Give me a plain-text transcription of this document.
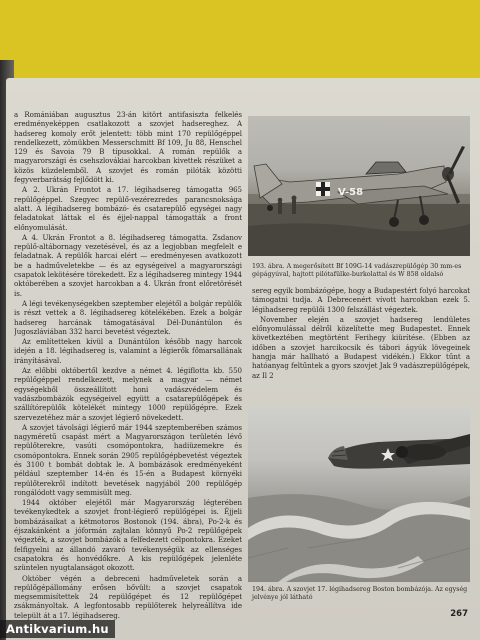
a Romániában augusztus 23-án kitört antifasiszta felkelés eredményeképpen csatlakozott a szovjet hadsereghez. A hadsereg komoly erőt jelentett: több mint 170 repülőgéppel rendelkezett, zömükben Messerschmitt Bf 109, Ju 88, Henschel 129 és Savoia 79 B típusokkal. A román repülők a magyarországi és csehszlovákiai harcokban kivettek részüket a közös küzdelemből. A szovjet és román pilóták közötti fegyverbarátság fejlődött ki.

A 2. Ukrán Frontot a 17. légihadsereg támogatta 965 repülőgéppel. Szegyec repülő-vezérezredes parancsnoksága alatt. A légihadsereg bombázó- és csatarepülő egységei nagy feladatokat láttak el és éjjel-nappal támogatták a front előnyomulását.

A 4. Ukrán Frontot a 8. légihadsereg támogatta. Zsdanov repülő-altábornagy vezetésével, és az a legjobban megfelelt e feladatnak. A repülők harcai elért — eredményesen avatkozott be a hadműveletekbe — és az egységeivel a magyarországi csapatok lekötésére törekedett. Ez a légihadsereg mintegy 1944 októberében a szovjet harcokban a 4. Ukrán front előretörését is.

A légi tevékenységekben szeptember elejétől a bolgár repülők is részt vettek a 8. légihadsereg kötelékében. Ezek a bolgár hadsereg harcának támogatásával Dél-Dunántúlon és Jugoszláviában 332 harci bevetést végeztek.

Az említetteken kívül a Dunántúlon később nagy harcok idején a 18. légihadsereg is, valamint a légierők főmarsallának irányításával.

Az előbbi októbertől kezdve a német 4. légiflotta kb. 550 repülőgéppel rendelkezett, melynek a magyar — német egységekből összeállított honi vadászvédelem és vadászbombázók egységeivel együtt a csatarepülőgépek és szállítórepülők kötelékét mintegy 1000 repülőgépre. Ezek szervezetéhez már a szovjet légierő növekedett.

A szovjet távolsági légierő már 1944 szeptemberében számos nagyméretű csapást mért a Magyarországon területén lévő repülőterekre, vasúti csomópontokra, hadiüzemekre és csomópontokra. Ennek során 2905 repülőgépbevetést végeztek és 3100 t bombát dobtak le. A bombázások eredményeként például szeptember 14-én és 15-én a Budapest környéki repülőterekről indított bevetések nagyjából 200 repülőgép rongálódott vagy semmisült meg.

1944 október elejétől már Magyarország légterében tevékenykedtek a szovjet front-légierő repülőgépei is. Éjjeli bombázásaikat a kétmotoros Bostonok (194. ábra), Po-2-k és éjszakánként a jóformán zajtalan könnyű Po-2 repülőgépek végezték, a szovjet bombázók a felfedezett célpontokra. Ezeket felfigyelni az állandó zavaró tevékenységük az ellenséges csapatokra és honvédőkre. A kis repülőgépek jelenléte szüntelen nyugtalanságot okozott.

Október végén a debreceni hadműveletek során a repülőgépállomány erősen bővült: a szovjet csapatok megsemmisítettek 24 repülőgépet és 12 repülőgépet zsákmányoltak. A legfontosabb repülőterek helyreállítva ide települt át a 17. légihadsereg.

V-58
193. ábra. A megerősített Bf 109G-14 vadászrepülőgép 30 mm-es gépágyúval, hajtott pilótafülke-burkolattal és W 858 oldalsó

sereg egyik bombázógépe, hogy a Budapestért folyó harcokat támogatni tudja. A Debrecenért vívott harcokban ezek 5. légihadsereg repülői 1300 felszállást végeztek.

November elején a szovjet hadsereg lendületes előnyomulással délről közelítette meg Budapestet. Ennek következtében megtörtént Ferihegy kiürítése. (Ebben az időben a szovjet harcikocsik és tábori ágyúk lövegeinek hangja már hallható a Budapest vidékén.) Ekkor tűnt a hatóanyag feltűntek a gyors szovjet Jak 9 vadászrepülőgépek, az Il 2

194. ábra. A szovjet 17. légihadsereg Boston bombázója. Az egység jelvénye jól látható
267
Antikvarium.hu
